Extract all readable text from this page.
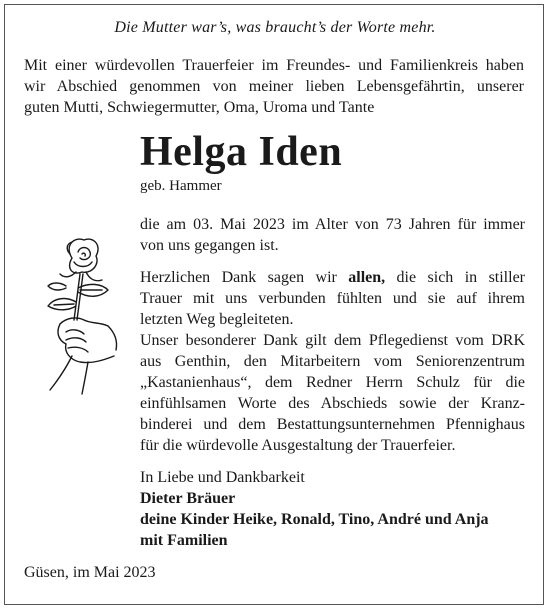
Die Mutter war’s, was braucht’s der Worte mehr.
Mit einer würdevollen Trauerfeier im Freundes- und Familienkreis haben
wir Abschied genommen von meiner lieben Lebensgefährtin, unserer
guten Mutti, Schwiegermutter, Oma, Uroma und Tante
Helga Iden
geb. Hammer
die am 03. Mai 2023 im Alter von 73 Jahren für immer
von uns gegangen ist.
Herzlichen Dank sagen wir allen, die sich in stiller
Trauer mit uns verbunden fühlten und sie auf ihrem
letzten Weg begleiteten.
Unser besonderer Dank gilt dem Pflegedienst vom DRK
aus Genthin, den Mitarbeitern vom Seniorenzentrum
„Kastanienhaus“, dem Redner Herrn Schulz für die
einfühlsamen Worte des Abschieds sowie der Kranz-
binderei und dem Bestattungsunternehmen Pfennighaus
für die würdevolle Ausgestaltung der Trauerfeier.
In Liebe und Dankbarkeit
Dieter Bräuer
deine Kinder Heike, Ronald, Tino, André und Anja
mit Familien
Güsen, im Mai 2023
